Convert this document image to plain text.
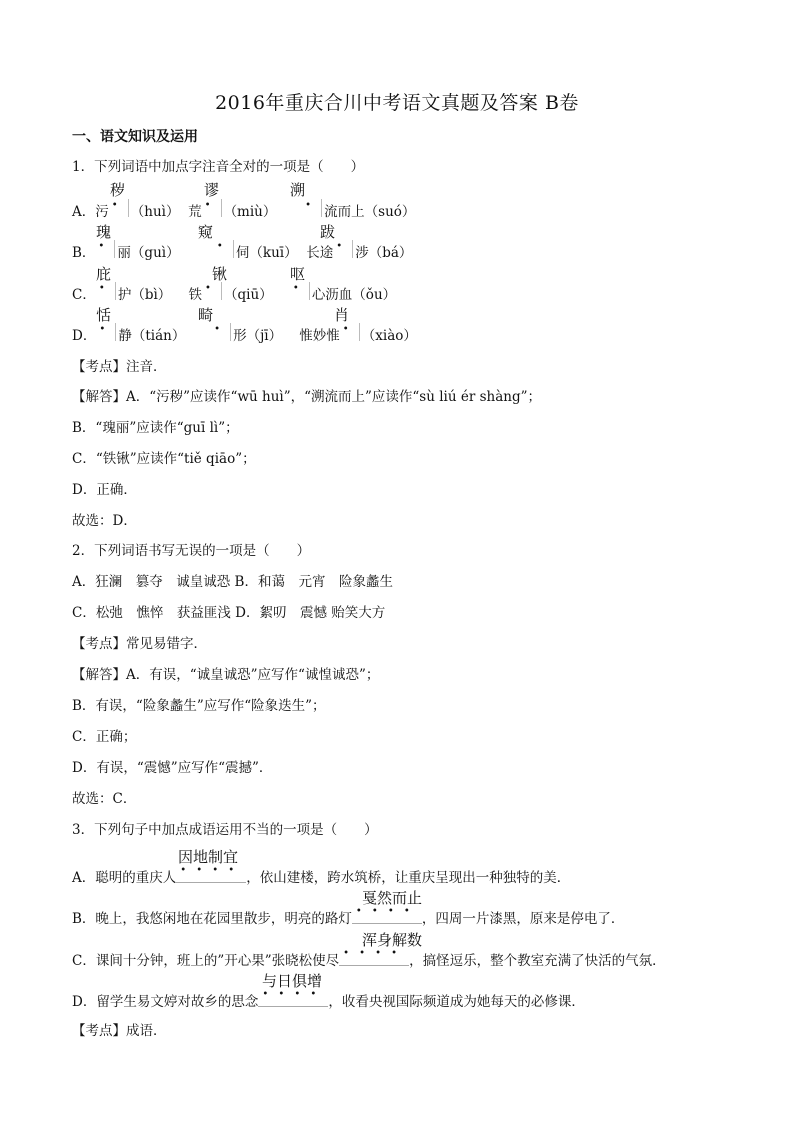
2016年重庆合川中考语文真题及答案 B卷
一、语文知识及运用
1．下列词语中加点字注音全对的一项是（　　）
秽	谬	溯
A．污 • （huì） 荒 • （miù） •	流而上（suó）
瑰	窥	跋
B． • 丽（guì） •	伺（kuī） 长途 • 涉（bá）
庇	锹	呕
C． • 护（bì） 铁 • （qiū） •	心沥血（ǒu）
恬	畸	肖
D． • 静（tián） •	形（jī） 惟妙惟 • （xiào）
【考点】注音．
【解答】A．“污秽”应读作“wū huì”，“溯流而上”应读作“sù liú ér shàng”；
B．“瑰丽”应读作“guī lì”；
C．“铁锹”应读作“tiě qiāo”；
D．正确．
故选：D．
2．下列词语书写无误的一项是（　　）
A．狂澜　篡夺　诚皇诚恐 B．和蔼　元宵　险象蠡生
C．松弛　憔悴　获益匪浅 D．絮叨　震憾 贻笑大方
【考点】常见易错字．
【解答】A．有误，“诚皇诚恐”应写作“诚惶诚恐”；
B．有误，“险象蠡生”应写作“险象迭生”；
C．正确；
D．有误，“震憾”应写作“震撼”．
故选：C．
3．下列句子中加点成语运用不当的一项是（　　）
因地制宜
A．聪明的重庆人 • • • • ，依山建楼，跨水筑桥，让重庆呈现出一种独特的美．
戛然而止
B．晚上，我悠闲地在花园里散步，明亮的路灯 • • • • ，四周一片漆黑，原来是停电了．
浑身解数
C．课间十分钟，班上的”开心果”张晓松使尽 • • • • ，搞怪逗乐，整个教室充满了快活的气氛．
与日俱增
D．留学生易文婷对故乡的思念 • • • • ，收看央视国际频道成为她每天的必修课．
【考点】成语．
